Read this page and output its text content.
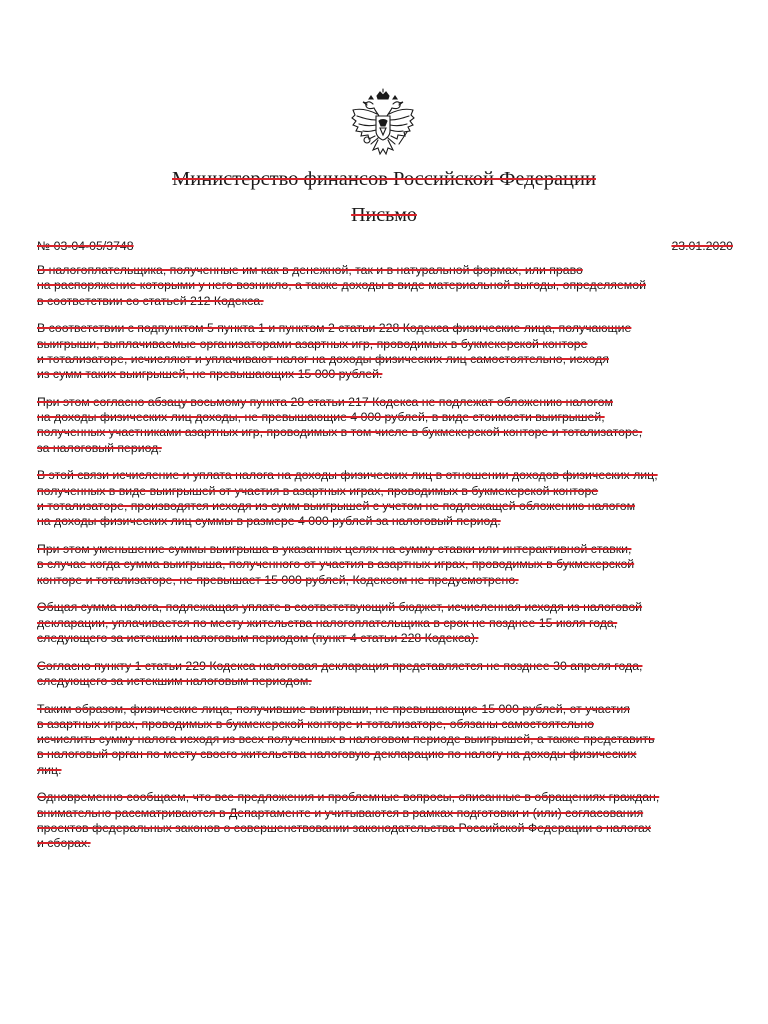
Министерство финансов Российской Федерации
Письмо
№ 03-04-05/3748	23.01.2020

В налогоплательщика, полученные им как в денежной, так и в натуральной формах, или право
на распоряжение которыми у него возникло, а также доходы в виде материальной выгоды, определяемой
в соответствии со статьей 212 Кодекса.

В соответствии с подпунктом 5 пункта 1 и пунктом 2 статьи 228 Кодекса физические лица, получающие
выигрыши, выплачиваемые организаторами азартных игр, проводимых в букмекерской конторе
и тотализаторе, исчисляют и уплачивают налог на доходы физических лиц самостоятельно, исходя
из сумм таких выигрышей, не превышающих 15 000 рублей.

При этом согласно абзацу восьмому пункта 28 статьи 217 Кодекса не подлежат обложению налогом
на доходы физических лиц доходы, не превышающие 4 000 рублей, в виде стоимости выигрышей,
полученных участниками азартных игр, проводимых в том числе в букмекерской конторе и тотализаторе,
за налоговый период.

В этой связи исчисление и уплата налога на доходы физических лиц в отношении доходов физических лиц,
полученных в виде выигрышей от участия в азартных играх, проводимых в букмекерской конторе
и тотализаторе, производятся исходя из сумм выигрышей с учетом не подлежащей обложению налогом
на доходы физических лиц суммы в размере 4 000 рублей за налоговый период.

При этом уменьшение суммы выигрыша в указанных целях на сумму ставки или интерактивной ставки,
в случае когда сумма выигрыша, полученного от участия в азартных играх, проводимых в букмекерской
конторе и тотализаторе, не превышает 15 000 рублей, Кодексом не предусмотрено.

Общая сумма налога, подлежащая уплате в соответствующий бюджет, исчисленная исходя из налоговой
декларации, уплачивается по месту жительства налогоплательщика в срок не позднее 15 июля года,
следующего за истекшим налоговым периодом (пункт 4 статьи 228 Кодекса).

Согласно пункту 1 статьи 229 Кодекса налоговая декларация представляется не позднее 30 апреля года,
следующего за истекшим налоговым периодом.

Таким образом, физические лица, получившие выигрыши, не превышающие 15 000 рублей, от участия
в азартных играх, проводимых в букмекерской конторе и тотализаторе, обязаны самостоятельно
исчислить сумму налога исходя из всех полученных в налоговом периоде выигрышей, а также представить
в налоговый орган по месту своего жительства налоговую декларацию по налогу на доходы физических
лиц.

Одновременно сообщаем, что все предложения и проблемные вопросы, описанные в обращениях граждан,
внимательно рассматриваются в Департаменте и учитываются в рамках подготовки и (или) согласования
проектов федеральных законов о совершенствовании законодательства Российской Федерации о налогах
и сборах.
